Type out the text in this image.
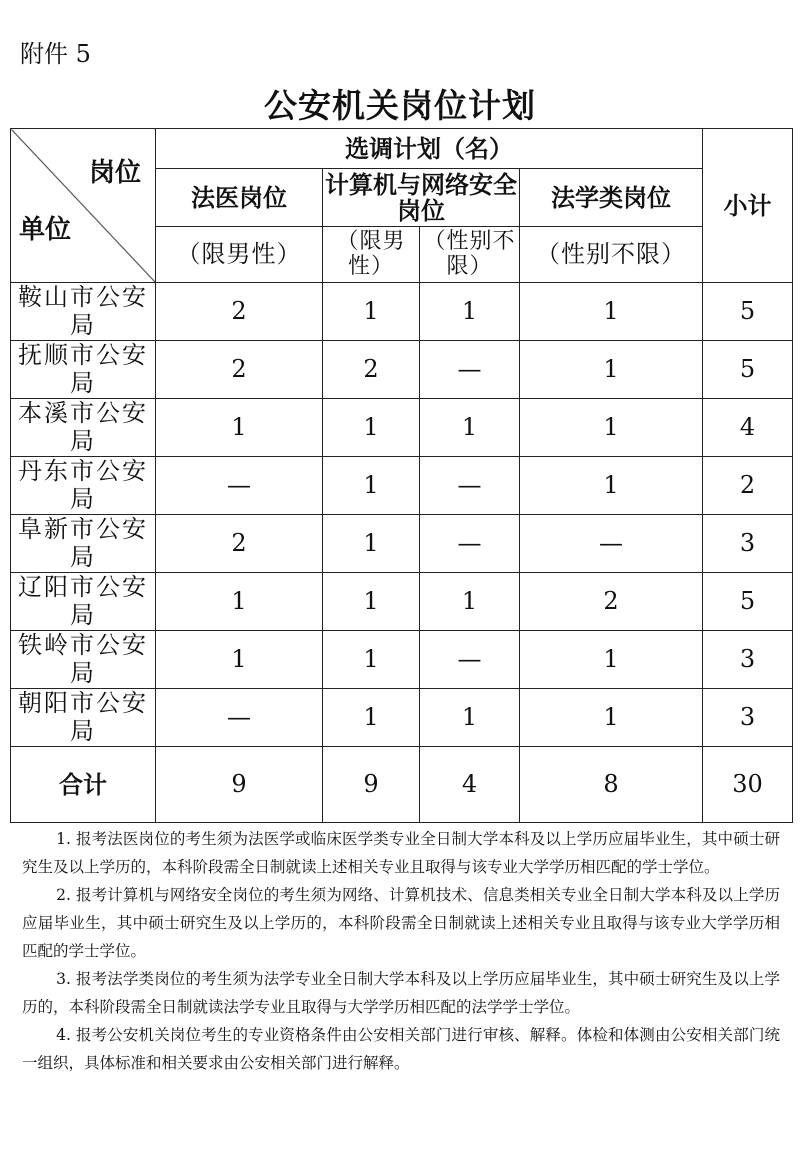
附件 5
公安机关岗位计划
岗位
单位	选调计划（名）				小计
	法医岗位	计算机与网络安全岗位		法学类岗位	
	（限男性）	（限男性）	（性别不限）	（性别不限）	
鞍山市公安局	2	1	1	1	5
抚顺市公安局	2	2	—	1	5
本溪市公安局	1	1	1	1	4
丹东市公安局	—	1	—	1	2
阜新市公安局	2	1	—	—	3
辽阳市公安局	1	1	1	2	5
铁岭市公安局	1	1	—	1	3
朝阳市公安局	—	1	1	1	3
合计	9	9	4	8	30

1. 报考法医岗位的考生须为法医学或临床医学类专业全日制大学本科及以上学历应届毕业生，其中硕士研究生及以上学历的，本科阶段需全日制就读上述相关专业且取得与该专业大学学历相匹配的学士学位。

2. 报考计算机与网络安全岗位的考生须为网络、计算机技术、信息类相关专业全日制大学本科及以上学历应届毕业生，其中硕士研究生及以上学历的，本科阶段需全日制就读上述相关专业且取得与该专业大学学历相匹配的学士学位。

3. 报考法学类岗位的考生须为法学专业全日制大学本科及以上学历应届毕业生，其中硕士研究生及以上学历的，本科阶段需全日制就读法学专业且取得与大学学历相匹配的法学学士学位。

4. 报考公安机关岗位考生的专业资格条件由公安相关部门进行审核、解释。体检和体测由公安相关部门统一组织，具体标准和相关要求由公安相关部门进行解释。
